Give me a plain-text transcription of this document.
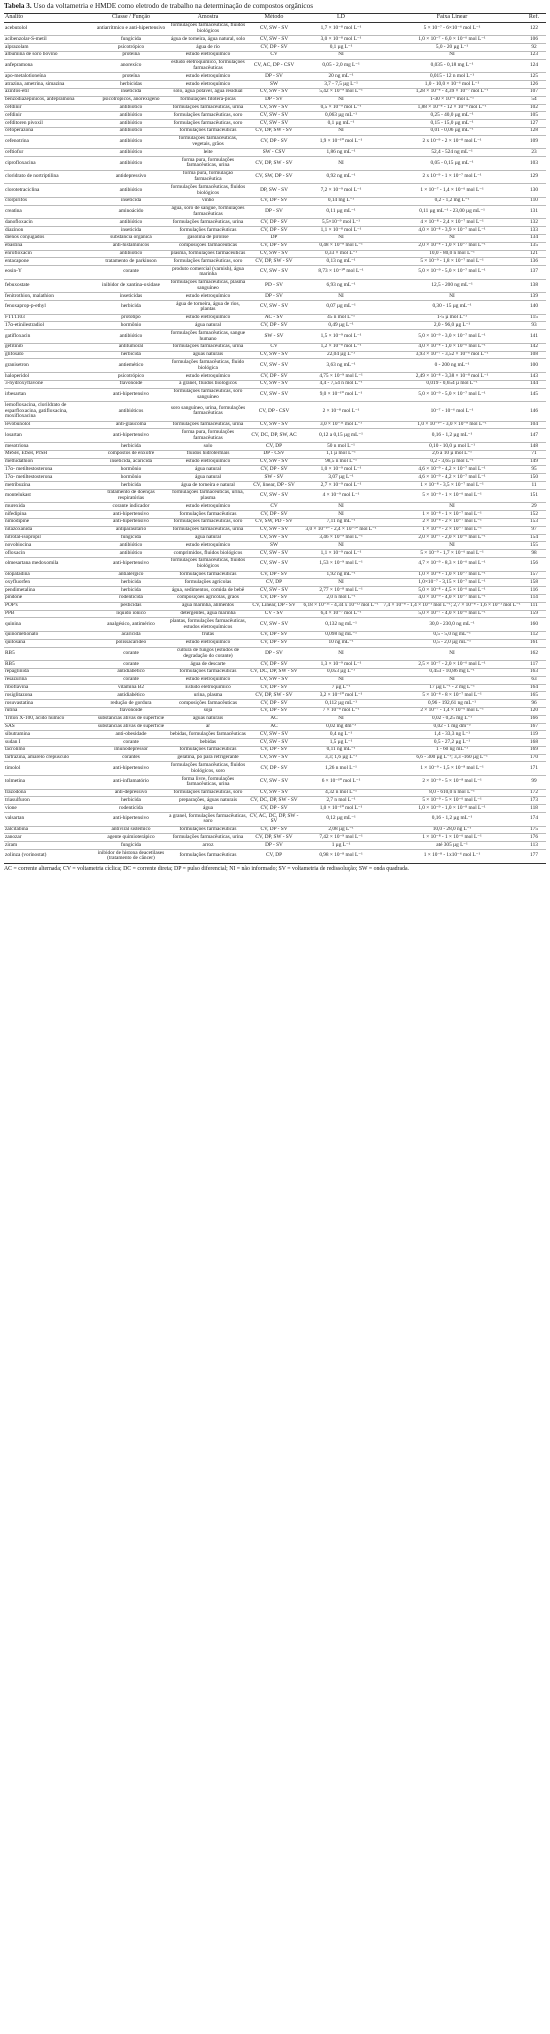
Tabela 3. Uso da voltametria e HMDE como eletrodo de trabalho na determinação de compostos orgânicos

Analito	Classe / Função	Amostra	Método	LD	Faixa Linear	Ref.
acebutolol	antiarrítmico e anti-hipertensivo	formulações farmacêuticas, fluidos biológicos	CV, SW - SV	1,7 × 10⁻⁸ mol L⁻¹	5 × 10⁻⁷ - 6×10⁻⁶ mol L⁻¹	122
acibenzolar-S-metil	fungicida	água de torneira, água natural, solo	CV, SW - SV	3,0 × 10⁻⁸ mol L⁻¹	1,0 × 10⁻⁷ - 6,0 × 10⁻⁶ mol L⁻¹	106
alprazolam	psicotrópico	água de rio	CV, DP - SV	0,1 µg L⁻¹	5,0 - 20 µg L⁻¹	92
albumina de soro bovino	proteína	estudo eletroquímico	CV	NI	NI	123
anfepramona	anorexíco	estudo eletroquímico, formulações farmacêuticas	CV, AC, DP - CSV	0,05 - 2,0 mg L⁻¹	0,035 - 0,18 mg L⁻¹	124
apo-metalotioneína	proteína	estudo eletroquímico	DP - SV	20 ng mL⁻¹	0,015 - 12 n mol L⁻¹	125
atrazina, ametrina, simazina	herbicidas	estudo eletroquímico	SW	3,7 - 7,5 µg L⁻¹	1,0 - 10,0 × 10⁻⁶ mol L⁻¹	126
azinfos-etil	inseticida	solo, água potável, água residual	CV, SW - SV	5,42 × 10⁻⁹ mol L⁻¹	1,28 × 10⁻⁸ - 4,39 × 10⁻⁷ mol L⁻¹	107
benzodiazepínicos, anfepramona	psicotrópicos, anorexígeno	formulações fitoterá-picas	DP - SV	NI	1-30 × 10⁻⁶ mol L⁻¹	54
cefdinir	antibiótico	formulações farmacêuticas, urina	CV, SW - SV	0,5 × 10⁻⁹ mol L⁻¹	1,88 × 10⁻⁸ - 12 × 10⁻⁸ mol L⁻¹	102
cefdinir	antibiótico	formulações farmacêuticas, soro	CV, SW - SV	0,063 µg mL⁻¹	0,25 - 40,0 µg mL⁻¹	105
cefditoren pivoxil	antibiótico	formulações farmacêuticas, soro	CV, SW - SV	0,1 µg mL⁻¹	0,15 - 15,0 µg mL⁻¹	127
cefoperazona	antibiótico	formulações farmacêuticas	CV, DP, SW - SV	NI	0,01 - 0,06 µg mL⁻¹	128
cefenotrina	antibiótico	formulações farmacêuticas, vegetais, grãos	CV, DP - SV	1,9 × 10⁻¹⁰ mol L⁻¹	2 x 10⁻⁹ - 2 × 10⁻⁸ mol L⁻¹	109
ceftiofur	antibiótico	leite	SW - CSV	1,86 ng mL⁻¹	52,4 - 524 ng mL⁻¹	23
ciprofloxacina	antibiótico	forma pura, formulações farmacêuticas, urina	CV, DP, SW - SV	NI	0,05 - 0,15 µg mL⁻¹	103
cloridrato de nortriptilina	antidepressivo	forma pura, formulação farmacêutica	CV, SW, DP - SV	0,92 ng mL⁻¹	2 x 10⁻⁹ - 1 × 10⁻⁷ mol L⁻¹	129
clorotetraciclina	antibiótico	formulações farmacêuticas, fluidos biológicos	DP, SW - SV	7,2 × 10⁻⁹ mol L⁻¹	1 × 10⁻⁷ - 1,4 × 10⁻⁶ mol L⁻¹	130
clorpirifós	inseticida	vinho	CV, DP - SV	0,14 mg L⁻¹	0,2 - 1,2 mg L⁻¹	110
creatina	aminoácido	água, soro de sangue, formulações farmacêuticas	DP - SV	0,11 µg mL⁻¹	0,11 µg mL⁻¹ - 23,00 µg mL⁻¹	131
danofloxacin	antibiótico	formulações farmacêuticas, urina	CV, DP - SV	5,5×10⁻⁹ mol L⁻¹	4 × 10⁻⁸ - 2,4 × 10⁻⁷ mol L⁻¹	132
diazinon	inseticida	formulações farmacêuticas	CV, DP - SV	1,1 × 10⁻⁸ mol L⁻¹	4,0 × 10⁻⁸ - 3,9 × 10⁻⁷ mol L⁻¹	133
dienos conjugados	substância orgânica	gasolina de pirólise	DP	NI	NI	134
ebastina	anti-histamínicos	composições farmacêuticas	CV, DP - SV	0,48 × 10⁻⁸ mol L⁻¹	2,0 × 10⁻⁸ - 1,0 × 10⁻⁷ mol L⁻¹	135
enrofloxacin	antibiótico	plasma, formulações farmacêuticas	CV, SW - SV	0,33 × mol L⁻¹	10,0 - 80,0 n mol L⁻¹	121
entacapone	tratamento de parkinson	formulações farmacêuticas, soro	CV, DP, SW - SV	0,13 ng mL⁻¹	5 × 10⁻⁹ - 1,8 × 10⁻⁷ mol L⁻¹	136
eosin-Y	corante	produto comercial (varnish), água marinha	CV, SW - SV	8,73 × 10⁻¹⁰ mol L⁻¹	5,0 × 10⁻⁹ - 5,0 × 10⁻⁷ mol L⁻¹	137
febuxostate	inibidor de xantina-oxidase	formulações farmacêuticas, plasma sanguíneo	PD - SV	6,93 ng mL⁻¹	12,5 - 200 ng mL⁻¹	138
fenitrothion, malathion	inseticidas	estudo eletroquímico	DP - SV	NI	NI	139
fenoxaprop-p-ethyl	herbicida	água de torneira, água de rios, plantas	CV, SW - SV	0,07 µg mL⁻¹	0,30 - 15 µg mL⁻¹	140
FTT1103	protótipo	estudo eletroquímico	AC - SV	45 n mol L⁻¹	1-5 µ mol L⁻¹	115
17α-etinilestradiol	hormônio	água natural	CV, DP - SV	0,49 µg L⁻¹	2,0 - 96,0 µg L⁻¹	93
gatifloxacin	antibiótico	formulações farmacêuticas, sangue humano	SW - SV	1,5 × 10⁻⁹ mol L⁻¹	5,0 × 10⁻⁹ - 3,0 × 10⁻⁷ mol L⁻¹	141
gefitinib	antitumoral	formulações farmacêuticas, urina	CV	1,2 × 10⁻⁸ mol L⁻¹	4,0 × 10⁻⁸ - 1,0 × 10⁻⁶ mol L⁻¹	142
glifosato	herbicida	águas naturais	CV, SW - SV	22,04 µg L⁻¹	3,93 × 10⁻⁷ - 3,52 × 10⁻⁶ mol L⁻¹	108
granisetron	antiemético	formulações farmacêuticas, fluido biológica	CV, SW - SV	3,63 ng mL⁻¹	0 - 200 ng mL⁻¹	100
haloperidol	psicotrópico	estudo eletroquímico	CV, DP - SV	4,75 × 10⁻⁹ mol L⁻¹	2,49 × 10⁻⁸ - 3,38 × 10⁻⁸ mol L⁻¹	143
3-hydroxyflavone	flavonoide	a granel, fluidos biológicos	CV, SW - SV	4,4 - 7,54 n mol L⁻¹	0,019 - 0,654 µ mol L⁻¹	144
irbesartan	anti-hipertensivo	formulações farmacêuticas, soro sanguíneo	CV, SW - SV	9,0 × 10⁻¹⁰ mol L⁻¹	5,0 × 10⁻⁹ - 5,0 × 10⁻⁷ mol L⁻¹	145
lemofloxacina, clorildrato de esparfloxacina, gatifloxacina, moxifloxacina	antibióticos	soro sanguíneo, urina, formulações farmacêuticas	CV, DP - CSV	2 × 10⁻⁸ mol L⁻¹	10⁻⁷ - 10⁻⁶ mol L⁻¹	146
levobunolol	anti-glaucoma	formulações farmacêuticas, urina	CV, SW - SV	3,0 × 10⁻¹¹ mol L⁻¹	1,0 × 10⁻¹⁰ - 3,0 × 10⁻⁸ mol L⁻¹	104
losartan	anti-hipertensivo	forma pura, formulações farmacêuticas	CV, DC, DP, SW, AC	0,12 a 0,15 µg mL⁻¹	0,16 - 1,2 µg mL⁻¹	147
mesotriona	herbicida	solo	CV, DP	50 n mol L⁻¹	0,10 - 10,0 µ mol L⁻¹	148
MeSH, EtSH, PrSH	compostos de enxofre	fluidos hidrotermais	DP - CSV	1,1 µ mol L⁻¹	2,6 a 10 µ mol L⁻¹	71
methidathion	inseticida, acaricida	estudo eletroquímico	CV, SW - SV	98,5 n mol L⁻¹	0,2 - 3,65 µ mol L⁻¹	149
17α- metiltestosterona	hormônio	água natural	CV, DP - SV	1,0 × 10⁻⁹ mol L⁻¹	4,6 × 10⁻⁹ - 4,2 × 10⁻⁷ mol L⁻¹	95
17α- metiltestosterona	hormônio	água natural	SW - SV	3,07 µg L⁻¹	4,6 × 10⁻⁹ - 4,2 × 10⁻⁷ mol L⁻¹	150
metribuzina	herbicida	água de torneira e natural	CV, linear, DP - SV	2,7 × 10⁻⁹ mol L⁻¹	1 × 10⁻⁸ - 3,5 × 10⁻⁷ mol L⁻¹	11
montelukast	tratamento de doenças respiratórias	formulações farmacêuticas, urina, plasma	CV, SW - SV	4 × 10⁻⁹ mol L⁻¹	5 × 10⁻⁹ - 1 × 10⁻⁶ mol L⁻¹	151
murexida	corante indicador	estudo eletroquímico	CV	NI	NI	29
nifedipina	anti-hipertensivo	formulações farmacêuticas	CV, DP - SV	NI	1 × 10⁻⁸ - 1 × 10⁻⁷ mol L⁻¹	152
nimodipine	anti-hipertensivo	formulações farmacêuticas, soro	CV, SW, PD - SV	7,11 ng mL⁻¹	2 × 10⁻⁸ - 2 × 10⁻⁷ mol L⁻¹	153
nitazoxanida	antiparasitário	formulações farmacêuticas, urina	CV, SW - SV	3,0 × 10⁻¹⁰ - 2,4 × 10⁻¹⁰ mol L⁻¹	1 × 10⁻⁹ - 2 × 10⁻⁷ mol L⁻¹	97
nitrotal-isopropil	fungicida	água natural	CV, SW - SV	3,46 × 10⁻⁹ mol L⁻¹	2,0 × 10⁻⁷ - 2,0 × 10⁻⁶ mol L⁻¹	154
novobiocina	antibiótico	estudo eletroquímico	SW	NI	NI	155
ofloxacin	antibiótico	comprimidos, fluidos biológicos	CV, SW - SV	1,1 × 10⁻⁹ mol L⁻¹	5 × 10⁻⁹ - 1,7 × 10⁻⁶ mol L⁻¹	98
olmesartana medoxomila	anti-hipertensivo	formulações farmacêuticas, fluidos biológicos	CV, SW - SV	1,53 × 10⁻⁹ mol L⁻¹	4,7 × 10⁻⁹ - 8,3 × 10⁻⁶ mol L⁻¹	156
olopatadina	antialérgico	formulações farmacêuticas	CV, DP - SV	1,92 ng mL⁻¹	1,0 × 10⁻⁸ - 1,0 × 10⁻⁷ mol L⁻¹	157
oxyfluorfen	herbicida	formulações agrícolas	CV, DP	NI	1,0×10⁻⁷ - 3,15 × 10⁻⁷ mol L⁻¹	158
pendimetalina	herbicida	água, sedimentos, comida de bebê	CV, SW - SV	2,77 × 10⁻⁸ mol L⁻¹	5,0 × 10⁻⁸ - 4,5 × 10⁻⁶ mol L⁻¹	116
pindone	rodenticida	composições agrícolas, grãos	CV, DP - SV	2,0 n mol L⁻¹	4,0 × 10⁻⁹ - 4,0 × 10⁻⁷ mol L⁻¹	114
POP's	pesticidas	água marinha, alimentos	CV, Linear, DP - SV	6,18 × 10⁻¹¹ - 4,34 x 10⁻¹² mol L⁻¹	7,4 × 10⁻⁸ - 1,4 × 10⁻¹ mol L⁻¹; 2,7 × 10⁻⁸ - 1,6 × 10⁻¹ mol L⁻¹	111
PPB	líquido iônico	detergentes, água marinha	CV - SV	6,4 × 10⁻⁷ mol L⁻¹	5,0 × 10⁻⁷ - 4,0 × 10⁻⁶ mol L⁻¹	159
quinina	analgésico, antimérico	plantas, formulações farmacêuticas, estudos eletroquímicos	CV, SW - SV	0,132 ng mL⁻¹	30,0 - 230,0 ng mL⁻¹	160
quinometionato	acaricida	frutas	CV, DP - SV	0,098 ng mL⁻¹	0,5 - 5,0 ng mL⁻¹	112
quitosana	polissacarídeo	estudo eletroquímico	CV, DP - SV	10 ng mL⁻¹	0,5 - 2,0 µg mL⁻¹	161
RB5	corante	cultura de fungos (estudos de degradação do corante)	DP - SV	NI	NI	162
RB5	corante	água de descarte	CV, DP - SV	1,3 × 10⁻⁹ mol L⁻¹	2,5 × 10⁻⁷ - 2,0 × 10⁻⁶ mol L⁻¹	117
repaglinida	antidiabético	formulações farmacêuticas	CV, DC, DP, SW - SV	0,053 µg L⁻¹	0,453 - 10,86 mg L⁻¹	163
resazurina	corante	estudo eletroquímico	CV, SW - SV	NI	NI	63
riboflavina	vitamina B2	Estudo eletroquímico	CV, DP - SV	7 µg L⁻¹	17 µg L⁻¹ - 2 mg L⁻¹	164
rosiglitazona	antidiabético	urina, plasma	CV, DP, SW - SV	3,2 × 10⁻¹⁰ mol L⁻¹	5 × 10⁻⁸ - 8 × 10⁻⁷ mol L⁻¹	165
rosuvastatina	redução de gordura	composições farmacêuticas	CV, DP - SV	0,112 µg mL⁻¹	0,96 - 192,61 ng mL⁻¹	96
rutina	flavonoide	soja	CV, DP - SV	7 × 10⁻⁸ mol L⁻¹	2 × 10⁻⁷ - 1,4 × 10⁻⁶ mol L⁻¹	120
Triton X-100, ácido húmico	substâncias ativas de superfície	águas naturais	AC	NI	0,02 - 0,25 mg L⁻¹	166
SAS	substâncias ativas de superfície	ar	AC	0,02 mg dm⁻³	0,02 - 1 mg dm⁻³	167
sibutramina	anti-obesidade	bebidas, formulações farmacêuticas	CV, SW - SV	0,4 ng L⁻¹	1,4 - 33,3 ng L⁻¹	119
sudan I	corante	bebidas	CV, SW - SV	1,5 µg L⁻¹	0,5 - 27,2 µg L⁻¹	168
tacrolimo	imunodepressor	formulações farmacêuticas	CV, DP - SV	0,11 ng mL⁻¹	1 - 60 ng mL⁻¹	169
tartrazina, amarelo crepúsculo	corantes	gelatina, pó para refrigerante	CV, SW - SV	3,3; 1,6 µg L⁻¹	6,6 - 300 µg L⁻¹; 3,3 -160 µg L⁻¹	170
timolol	anti-hipertensivo	formulações farmacêuticas, fluidos biológicos, soro	CV, DP - SV	1,26 n mol L⁻¹	1 × 10⁻⁹ - 1,5 × 10⁻⁸ mol L⁻¹	171
tolmetina	anti-inflamatório	forma livre, formulações farmacêuticas, urina	CV, SW - SV	6 × 10⁻¹⁰ mol L⁻¹	2 × 10⁻⁹ - 5 × 10⁻⁸ mol L⁻¹	99
trazodona	anti-depressivo	formulações farmacêuticas, soro	CV, SW - SV	4,32 n mol L⁻¹	8,0 - 610,0 n mol L⁻¹	172
triasulfuron	herbicida	preparações, águas naturais	CV, DC, DP, SW - SV	2,7 n mol L⁻¹	5 × 10⁻⁹ - 5 × 10⁻⁶ mol L⁻¹	173
vione	rodenticida	água	CV, DP - SV	1,0 × 10⁻¹⁰ mol L⁻¹	1,0 × 10⁻⁹ - 1,0 × 10⁻⁸ mol L⁻¹	118
valsartan	anti-hipertensivo	a granel, formulações farmacêuticas, soro	CV, AC, DC, DP, SW - SV	0,12 µg mL⁻¹	0,16 - 1,2 µg mL⁻¹	174
zalcitabina	antiviral sistêmico	formulações farmacêuticas	CV, DP - SV	2,08 µg L⁻¹	10,0 - 28,0 ng L⁻¹	175
zanozar	agente quimioterápico	formulações farmacêuticas, urina	CV, DP, SW - SV	7,42 × 10⁻⁹ mol L⁻¹	1 × 10⁻⁸ - 1 × 10⁻⁶ mol L⁻¹	176
ziram	fungicida	arroz	DP - SV	1 µg L⁻¹	até 305 µg L⁻¹	113
zolinza (vorinostat)	inibidor de histona deacetilases (tratamento de câncer)	formulações farmacêuticas	CV, DP	0,98 × 10⁻⁸ mol L⁻¹	1 × 10⁻⁸ - 1x10⁻⁶ mol L⁻¹	177

AC = corrente alternada; CV = voltametria cíclica; DC = corrente direta; DP = pulso diferencial; NI = não informado; SV = voltametria de redissolução; SW = onda quadrada.
